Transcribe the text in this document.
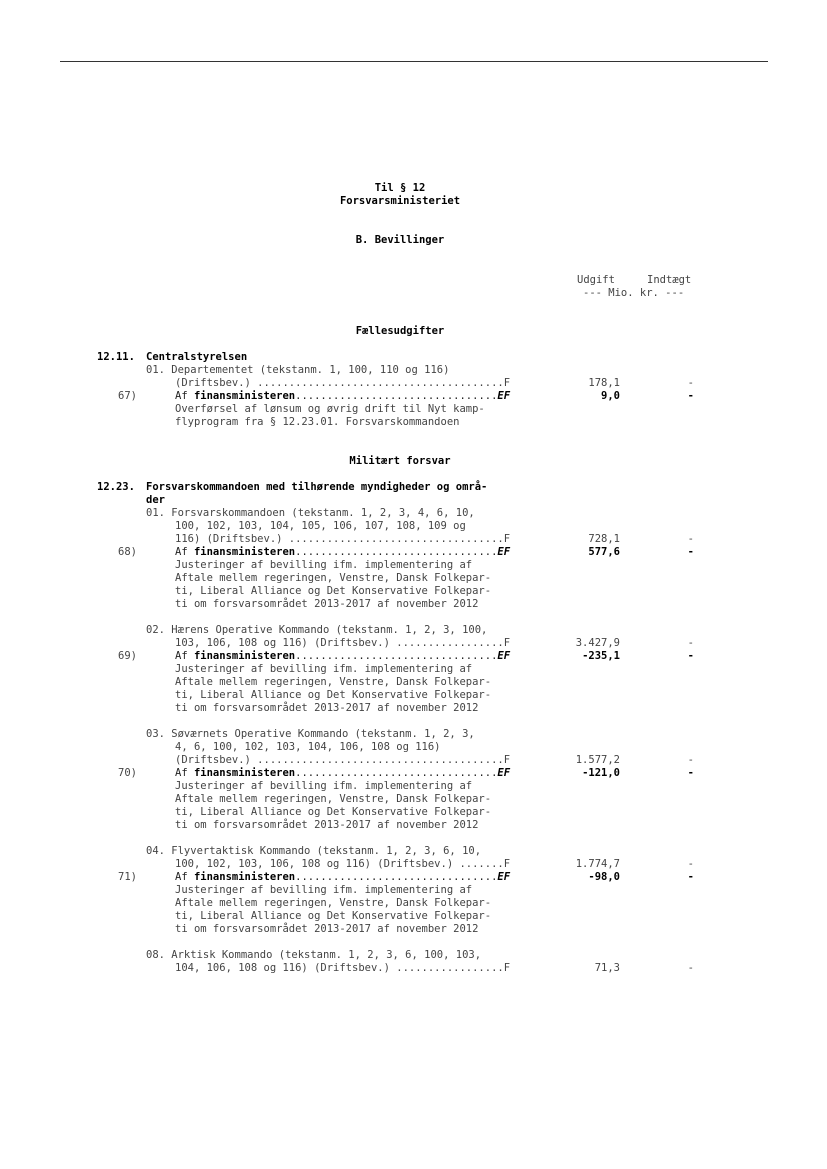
Til § 12
Forsvarsministeriet
B. Bevillinger
Udgift	Indtægt
--- Mio. kr. ---
Fællesudgifter
12.11. Centralstyrelsen
01. Departementet (tekstanm. 1, 100, 110 og 116)
(Driftsbev.) .......................................F	178,1	-
67)	Af finansministeren................................EF	9,0	-
Overførsel af lønsum og øvrig drift til Nyt kamp-
flyprogram fra § 12.23.01. Forsvarskommandoen
Militært forsvar
12.23. Forsvarskommandoen med tilhørende myndigheder og områ-
der
01. Forsvarskommandoen (tekstanm. 1, 2, 3, 4, 6, 10,
100, 102, 103, 104, 105, 106, 107, 108, 109 og
116) (Driftsbev.) ..................................F	728,1	-
68)	Af finansministeren................................EF	577,6	-
Justeringer af bevilling ifm. implementering af
Aftale mellem regeringen, Venstre, Dansk Folkepar-
ti, Liberal Alliance og Det Konservative Folkepar-
ti om forsvarsområdet 2013-2017 af november 2012
02. Hærens Operative Kommando (tekstanm. 1, 2, 3, 100,
103, 106, 108 og 116) (Driftsbev.) .................F	3.427,9	-
69)	Af finansministeren................................EF	-235,1	-
Justeringer af bevilling ifm. implementering af
Aftale mellem regeringen, Venstre, Dansk Folkepar-
ti, Liberal Alliance og Det Konservative Folkepar-
ti om forsvarsområdet 2013-2017 af november 2012
03. Søværnets Operative Kommando (tekstanm. 1, 2, 3,
4, 6, 100, 102, 103, 104, 106, 108 og 116)
(Driftsbev.) .......................................F	1.577,2	-
70)	Af finansministeren................................EF	-121,0	-
Justeringer af bevilling ifm. implementering af
Aftale mellem regeringen, Venstre, Dansk Folkepar-
ti, Liberal Alliance og Det Konservative Folkepar-
ti om forsvarsområdet 2013-2017 af november 2012
04. Flyvertaktisk Kommando (tekstanm. 1, 2, 3, 6, 10,
100, 102, 103, 106, 108 og 116) (Driftsbev.) .......F	1.774,7	-
71)	Af finansministeren................................EF	-98,0	-
Justeringer af bevilling ifm. implementering af
Aftale mellem regeringen, Venstre, Dansk Folkepar-
ti, Liberal Alliance og Det Konservative Folkepar-
ti om forsvarsområdet 2013-2017 af november 2012
08. Arktisk Kommando (tekstanm. 1, 2, 3, 6, 100, 103,
104, 106, 108 og 116) (Driftsbev.) .................F	71,3	-
